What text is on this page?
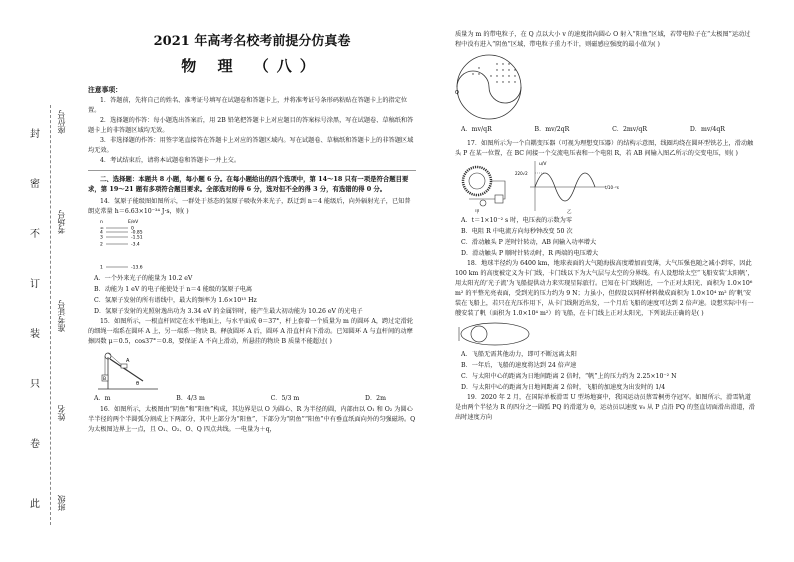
封
密
不
订
装
只
卷
此
座位号
考场号
准考证号
姓名
班级

2021 年高考名校考前提分仿真卷

物 理 （八）

注意事项：

1．答题前，先将自己的姓名、准考证号填写在试题卷和答题卡上，并将准考证号条形码粘贴在答题卡上的指定位置。

2．选择题的作答：每小题选出答案后，用 2B 铅笔把答题卡上对应题目的答案标号涂黑，写在试题卷、草稿纸和答题卡上的非答题区域均无效。

3．非选择题的作答：用签字笔直接答在答题卡上对应的答题区域内。写在试题卷、草稿纸和答题卡上的非答题区域均无效。

4．考试结束后，请将本试题卷和答题卡一并上交。

二、选择题：本题共 8 小题，每小题 6 分。在每小题给出的四个选项中，第 14～18 只有一项是符合题目要求，第 19～21 题有多项符合题目要求。全部选对的得 6 分，选对但不全的得 3 分，有选错的得 0 分。

14．氢原子能级图如图所示，一群处于基态的氢原子吸收外来光子，跃迁到 n＝4 能级后，向外辐射光子，已知普朗克常量 h＝6.63×10⁻³⁴ J·s，则( )

n	E/eV
∞	0
4	-0.85
3	-1.51
2	-3.4
1	-13.6

A．一个外来光子的能量为 10.2 eV

B．动能为 1 eV 的电子能使处于 n＝4 能级的氢原子电离

C．氢原子发射的所有谱线中，最大的频率为 1.6×10¹⁵ Hz

D．氢原子发射的光照射逸出功为 3.34 eV 的金属锌时，能产生最大初动能为 10.26 eV 的光电子

15．如图所示，一根直杆固定在水平地面上，与水平面成 θ＝37°，杆上套着一个质量为 m 的圆环 A，跨过定滑轮的细绳一端系在圆环 A 上，另一端系一物块 B。释放圆环 A 后，圆环 A 沿直杆向下滑动。已知圆环 A 与直杆间的动摩擦因数 μ＝0.5，cos37°＝0.8，要保证 A 不向上滑动，所悬挂的物块 B 质量不能超过( )

A
B
θ
A．m	B．4/3 m	C．5/3 m	D．2m

16．如图所示，太极图由“阴鱼”和“阳鱼”构成，其边界是以 O 为圆心、R 为半径的圆，内部由以 O₁ 和 O₂ 为圆心半半径的两个半圆弧分割成上下两部分，其中上部分为“阳鱼”，下部分为“阴鱼”“阳鱼”中有垂直纸面向外的匀强磁场。Q 为太极图边界上一点，且 O₁、O₂、O、Q 四点共线。一电量为＋q，

质量为 m 的带电粒子，在 Q 点以大小 v 的速度指向圆心 O 射入“阳鱼”区域，若带电粒子在“太极图”运动过程中没有进入“阴鱼”区域，带电粒子重力不计，则磁感应强度的最小值为( )

Q
A．mv/qR	B．mv/2qR	C．2mv/qR	D．mv/4qR

17．如图所示为一个自耦变压器（可视为理想变压器）的结构示意图，线圈均绕在圆环型铁芯上，滑动触头 P 在某一位置，在 BC 间接一个交流电压表和一个电阻 R，若 AB 间输入图乙所示的交变电压，则( )

甲
u/V
220√2
t/10⁻²s
乙

A．t＝1×10⁻² s 时，电压表的示数为零

B．电阻 R 中电流方向每秒钟改变 50 次

C．滑动触头 P 逆时针转动，AB 间输入功率增大

D．滑动触头 P 顺时针转动时，R 两端的电压增大

18．地球半径约为 6400 km，地球表面的大气随海拔高度增加而变薄，大气压强也随之减小到零，因此 100 km 的高度被定义为卡门线，卡门线以下为大气层与太空的分界线。有人设想给太空“飞船安装‘太阳帆’，用太阳光的‘光子流’为飞船提供动力来实现星际旅行。已知在卡门线附近，一个正对太阳光、面积为 1.0×10⁶ m² 的平整光亮表面，受到光的压力约为 9 N；力虽小，但假设以同样材料做成面积为 1.0×10⁴ m² 的‘帆’安装在飞船上，若只在光压作用下，从卡门线附近出发，一个月后飞船的速度可达到 2 倍声速。设想实际中有一艘安装了帆（面积为 1.0×10⁴ m²）的飞船，在卡门线上正对太阳光，下列说法正确的是( )

A．飞船无需其他动力，即可不断远离太阳

B．一年后，飞船的速度将达到 24 倍声速

C．与太阳中心的距离为日地间距离 2 倍时，“帆”上的压力约为 2.25×10⁻² N

D．与太阳中心的距离为日地间距离 2 倍时，飞船的加速度为出发时的 1/4

19．2020 年 2 月，在国际单板滑雪 U 型场地赛中，我国运动员蔡雪桐勇夺冠军。如图所示，滑雪轨道是由两个半径为 R 的四分之一圆弧 PQ 的滑道为 θ，运动员以速度 v₀ 从 P 点沿 PQ 的竖直切面滑出滑道，滑出时速度方向
